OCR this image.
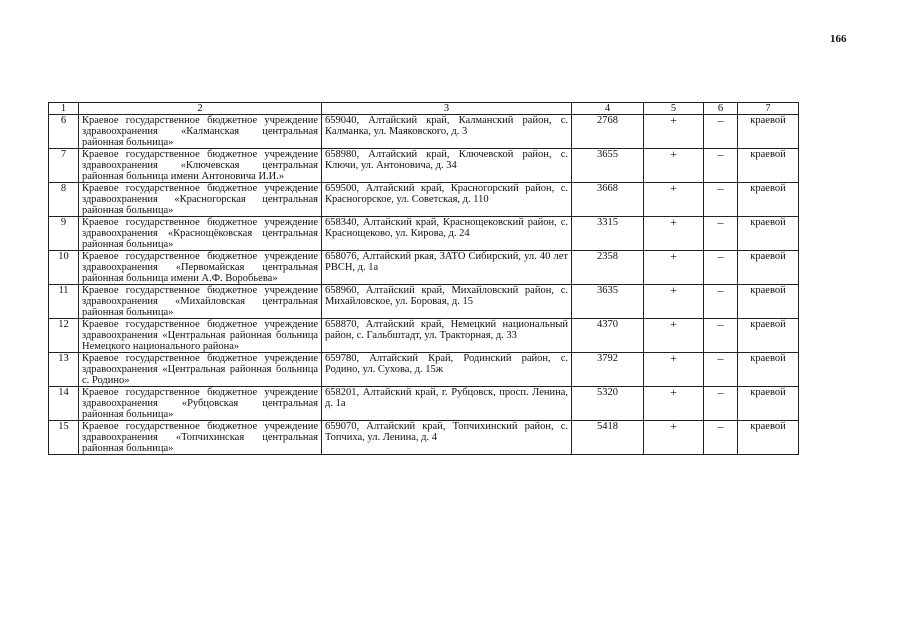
166
1	2	3	4	5	6	7
6	Краевое государственное бюджетное учреждение здравоохранения «Калманская центральная районная больница»	659040, Алтайский край, Калманский район, с. Калманка, ул. Маяковского, д. 3	2768	+	–	краевой
7	Краевое государственное бюджетное учреждение здравоохранения «Ключевская центральная районная больница имени Антоновича И.И.»	658980, Алтайский край, Ключевской район, с. Ключи, ул. Антоновича, д. 34	3655	+	–	краевой
8	Краевое государственное бюджетное учреждение здравоохранения «Красногорская центральная районная больница»	659500, Алтайский край, Красногорский район, с. Красногорское, ул. Советская, д. 110	3668	+	–	краевой
9	Краевое государственное бюджетное учреждение здравоохранения «Краснощёковская центральная районная больница»	658340, Алтайский край, Краснощековский район, с. Краснощеково, ул. Кирова, д. 24	3315	+	–	краевой
10	Краевое государственное бюджетное учреждение здравоохранения «Первомайская центральная районная больница имени А.Ф. Воробьева»	658076, Алтайский ркая, ЗАТО Сибирский, ул. 40 лет РВСН, д. 1а	2358	+	–	краевой
11	Краевое государственное бюджетное учреждение здравоохранения «Михайловская центральная районная больница»	658960, Алтайский край, Михайловский район, с. Михайловское, ул. Боровая, д. 15	3635	+	–	краевой
12	Краевое государственное бюджетное учреждение здравоохранения «Центральная районная больница Немецкого национального района»	658870, Алтайский край, Немецкий национальный район, с. Гальбштадт, ул. Тракторная, д. 33	4370	+	–	краевой
13	Краевое государственное бюджетное учреждение здравоохранения «Центральная районная больница с. Родино»	659780, Алтайский Край, Родинский район, с. Родино, ул. Сухова, д. 15ж	3792	+	–	краевой
14	Краевое государственное бюджетное учреждение здравоохранения «Рубцовская центральная районная больница»	658201, Алтайский край, г. Рубцовск, просп. Ленина, д. 1а	5320	+	–	краевой
15	Краевое государственное бюджетное учреждение здравоохранения «Топчихинская центральная районная больница»	659070, Алтайский край, Топчихинский район, с. Топчиха, ул. Ленина, д. 4	5418	+	–	краевой
